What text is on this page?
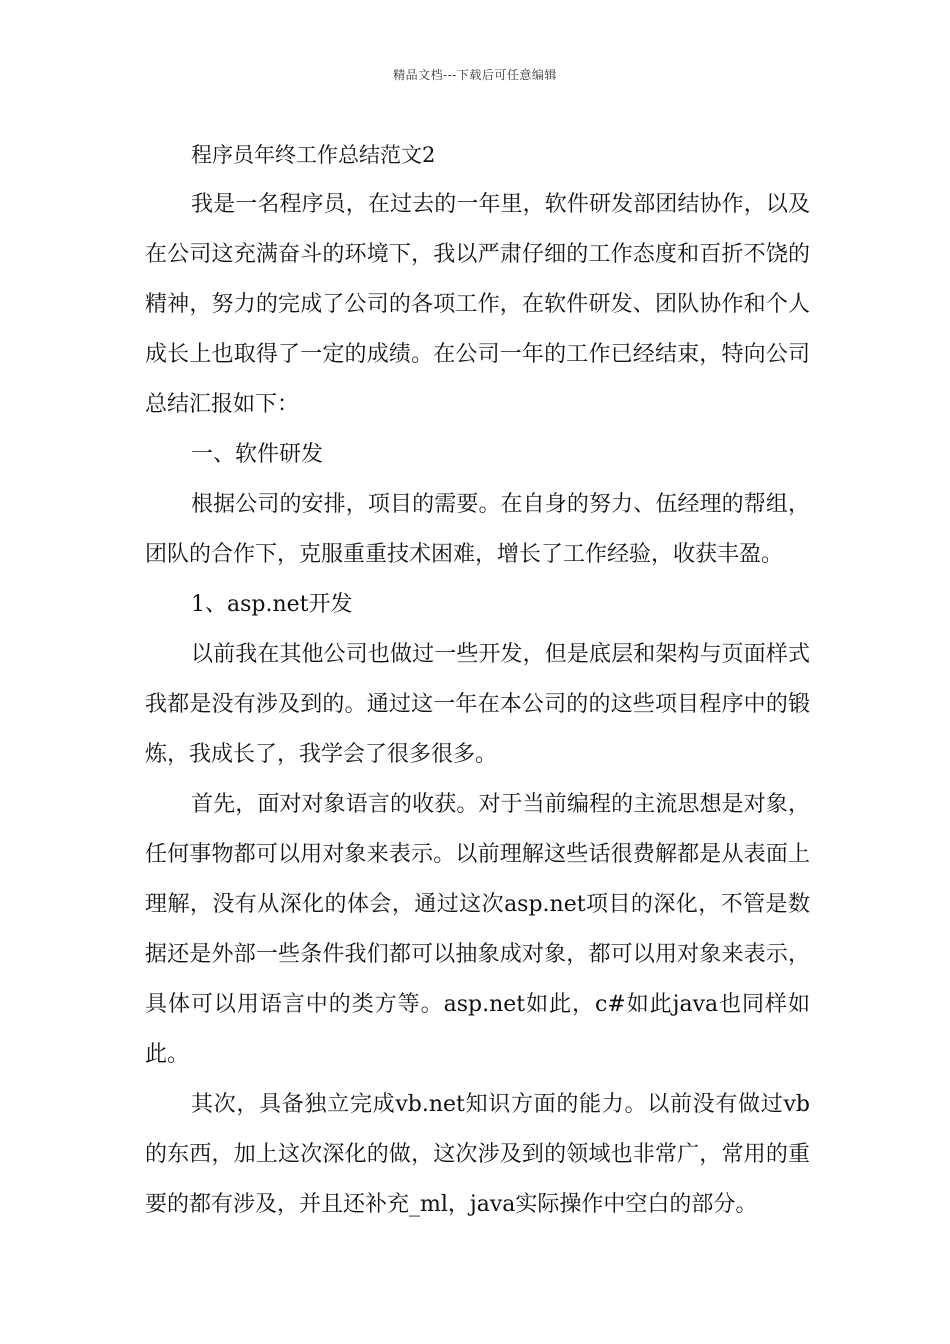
精品文档---下载后可任意编辑

程序员年终工作总结范文2

我是一名程序员，在过去的一年里，软件研发部团结协作，以及在公司这充满奋斗的环境下，我以严肃仔细的工作态度和百折不饶的精神，努力的完成了公司的各项工作，在软件研发、团队协作和个人成长上也取得了一定的成绩。在公司一年的工作已经结束，特向公司总结汇报如下：

一、软件研发

根据公司的安排，项目的需要。在自身的努力、伍经理的帮组，团队的合作下，克服重重技术困难，增长了工作经验，收获丰盈。

1、asp.net开发

以前我在其他公司也做过一些开发，但是底层和架构与页面样式我都是没有涉及到的。通过这一年在本公司的的这些项目程序中的锻炼，我成长了，我学会了很多很多。

首先，面对对象语言的收获。对于当前编程的主流思想是对象，任何事物都可以用对象来表示。以前理解这些话很费解都是从表面上理解，没有从深化的体会，通过这次asp.net项目的深化，不管是数据还是外部一些条件我们都可以抽象成对象，都可以用对象来表示，具体可以用语言中的类方等。asp.net如此，c#如此java也同样如此。

其次，具备独立完成vb.net知识方面的能力。以前没有做过vb的东西，加上这次深化的做，这次涉及到的领域也非常广，常用的重要的都有涉及，并且还补充_ml，java实际操作中空白的部分。
